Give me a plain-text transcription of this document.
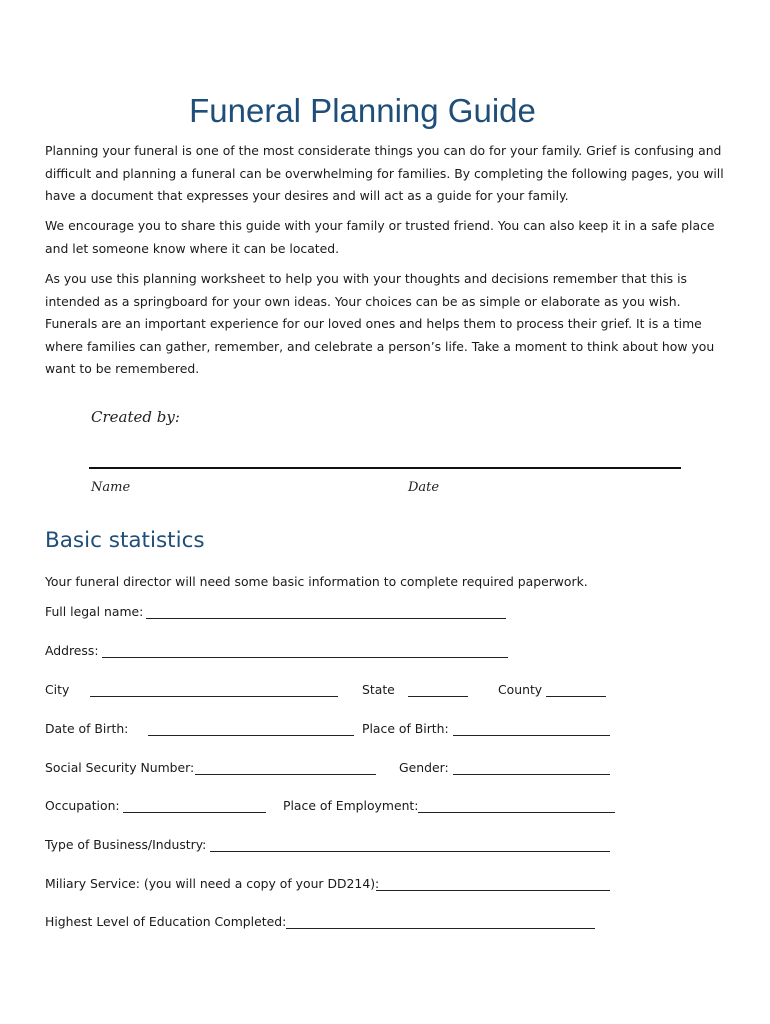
Funeral Planning Guide

Planning your funeral is one of the most considerate things you can do for your family. Grief is confusing and difficult and planning a funeral can be overwhelming for families. By completing the following pages, you will have a document that expresses your desires and will act as a guide for your family.

We encourage you to share this guide with your family or trusted friend. You can also keep it in a safe place and let someone know where it can be located.

As you use this planning worksheet to help you with your thoughts and decisions remember that this is intended as a springboard for your own ideas. Your choices can be as simple or elaborate as you wish. Funerals are an important experience for our loved ones and helps them to process their grief. It is a time where families can gather, remember, and celebrate a person’s life. Take a moment to think about how you want to be remembered.

Created by:
Name	Date
Basic statistics
Your funeral director will need some basic information to complete required paperwork.
Full legal name:
Address:
City	State	County
Date of Birth:	Place of Birth:
Social Security Number:	Gender:
Occupation:	Place of Employment:
Type of Business/Industry:
Miliary Service: (you will need a copy of your DD214):
Highest Level of Education Completed:
